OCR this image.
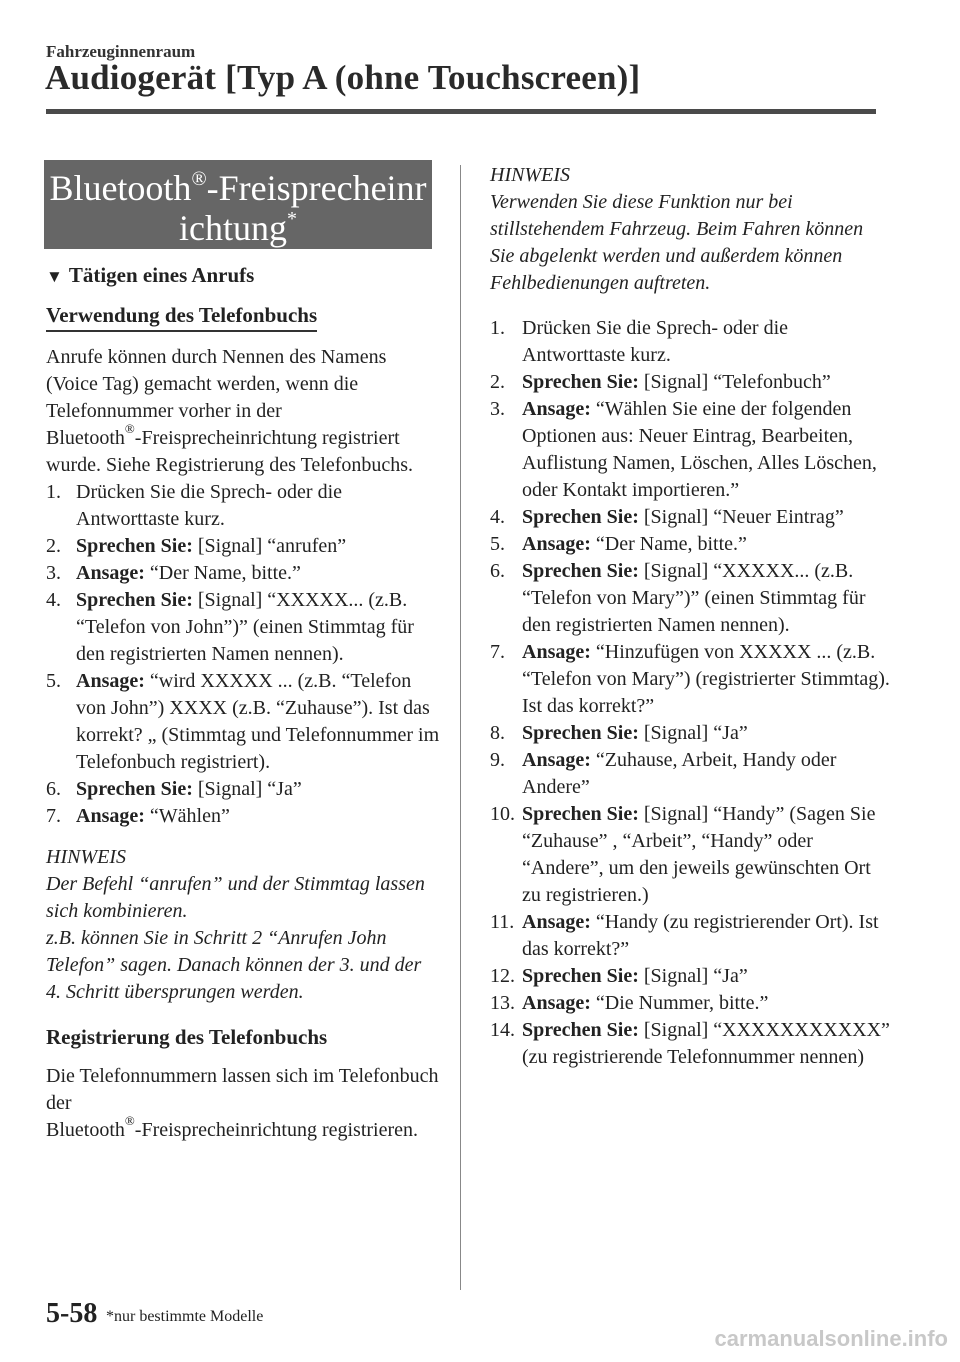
Fahrzeuginnenraum
Audiogerät [Typ A (ohne Touchscreen)]
Bluetooth®-Freisprecheinr
ichtung*
▼ Tätigen eines Anrufs
Verwendung des Telefonbuchs

Anrufe können durch Nennen des Namens (Voice Tag) gemacht werden, wenn die Telefonnummer vorher in der
Bluetooth®-Freisprecheinrichtung registriert wurde. Siehe Registrierung des Telefonbuchs.

1. Drücken Sie die Sprech- oder die Antworttaste kurz.
2. Sprechen Sie: [Signal] “anrufen”
3. Ansage: “Der Name, bitte.”
4. Sprechen Sie: [Signal] “XXXXX... (z.B. “Telefon von John”)” (einen Stimmtag für den registrierten Namen nennen).
5. Ansage: “wird XXXXX ... (z.B. “Telefon von John”) XXXX (z.B. “Zuhause”). Ist das korrekt? „ (Stimmtag und Telefonnummer im Telefonbuch registriert).
6. Sprechen Sie: [Signal] “Ja”
7. Ansage: “Wählen”
HINWEIS

Der Befehl “anrufen” und der Stimmtag lassen sich kombinieren.

z.B. können Sie in Schritt 2 “Anrufen John Telefon” sagen. Danach können der 3. und der 4. Schritt übersprungen werden.

Registrierung des Telefonbuchs

Die Telefonnummern lassen sich im Telefonbuch der
Bluetooth®-Freisprecheinrichtung registrieren.

HINWEIS

Verwenden Sie diese Funktion nur bei stillstehendem Fahrzeug. Beim Fahren können Sie abgelenkt werden und außerdem können Fehlbedienungen auftreten.

1. Drücken Sie die Sprech- oder die Antworttaste kurz.
2. Sprechen Sie: [Signal] “Telefonbuch”
3. Ansage: “Wählen Sie eine der folgenden Optionen aus: Neuer Eintrag, Bearbeiten, Auflistung Namen, Löschen, Alles Löschen, oder Kontakt importieren.”
4. Sprechen Sie: [Signal] “Neuer Eintrag”
5. Ansage: “Der Name, bitte.”
6. Sprechen Sie: [Signal] “XXXXX... (z.B. “Telefon von Mary”)” (einen Stimmtag für den registrierten Namen nennen).
7. Ansage: “Hinzufügen von XXXXX ... (z.B. “Telefon von Mary”) (registrierter Stimmtag). Ist das korrekt?”
8. Sprechen Sie: [Signal] “Ja”
9. Ansage: “Zuhause, Arbeit, Handy oder Andere”
10. Sprechen Sie: [Signal] “Handy” (Sagen Sie “Zuhause” , “Arbeit”, “Handy” oder “Andere”, um den jeweils gewünschten Ort zu registrieren.)
11. Ansage: “Handy (zu registrierender Ort). Ist das korrekt?”
12. Sprechen Sie: [Signal] “Ja”
13. Ansage: “Die Nummer, bitte.”
14. Sprechen Sie: [Signal] “XXXXXXXXXXX” (zu registrierende Telefonnummer nennen)
5-58 *nur bestimmte Modelle
carmanualsonline.info
